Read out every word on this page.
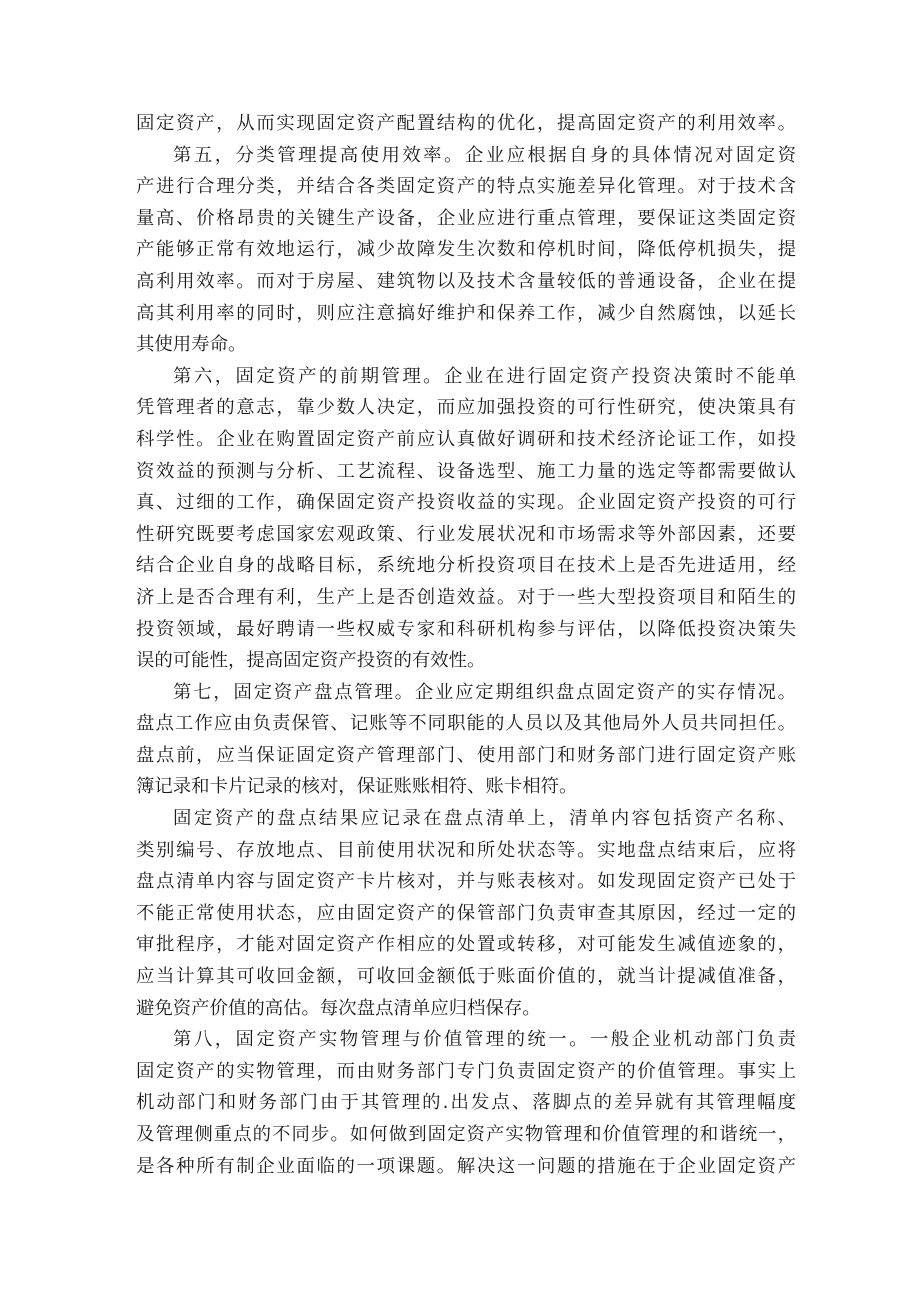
固定资产，从而实现固定资产配置结构的优化，提高固定资产的利用效率。
第五，分类管理提高使用效率。企业应根据自身的具体情况对固定资
产进行合理分类，并结合各类固定资产的特点实施差异化管理。对于技术含
量高、价格昂贵的关键生产设备，企业应进行重点管理，要保证这类固定资
产能够正常有效地运行，减少故障发生次数和停机时间，降低停机损失，提
高利用效率。而对于房屋、建筑物以及技术含量较低的普通设备，企业在提
高其利用率的同时，则应注意搞好维护和保养工作，减少自然腐蚀，以延长
其使用寿命。
第六，固定资产的前期管理。企业在进行固定资产投资决策时不能单
凭管理者的意志，靠少数人决定，而应加强投资的可行性研究，使决策具有
科学性。企业在购置固定资产前应认真做好调研和技术经济论证工作，如投
资效益的预测与分析、工艺流程、设备选型、施工力量的选定等都需要做认
真、过细的工作，确保固定资产投资收益的实现。企业固定资产投资的可行
性研究既要考虑国家宏观政策、行业发展状况和市场需求等外部因素，还要
结合企业自身的战略目标，系统地分析投资项目在技术上是否先进适用，经
济上是否合理有利，生产上是否创造效益。对于一些大型投资项目和陌生的
投资领域，最好聘请一些权威专家和科研机构参与评估，以降低投资决策失
误的可能性，提高固定资产投资的有效性。
第七，固定资产盘点管理。企业应定期组织盘点固定资产的实存情况。
盘点工作应由负责保管、记账等不同职能的人员以及其他局外人员共同担任。
盘点前，应当保证固定资产管理部门、使用部门和财务部门进行固定资产账
簿记录和卡片记录的核对，保证账账相符、账卡相符。
固定资产的盘点结果应记录在盘点清单上，清单内容包括资产名称、
类别编号、存放地点、目前使用状况和所处状态等。实地盘点结束后，应将
盘点清单内容与固定资产卡片核对，并与账表核对。如发现固定资产已处于
不能正常使用状态，应由固定资产的保管部门负责审查其原因，经过一定的
审批程序，才能对固定资产作相应的处置或转移，对可能发生减值迹象的，
应当计算其可收回金额，可收回金额低于账面价值的，就当计提减值准备，
避免资产价值的高估。每次盘点清单应归档保存。
第八，固定资产实物管理与价值管理的统一。一般企业机动部门负责
固定资产的实物管理，而由财务部门专门负责固定资产的价值管理。事实上
机动部门和财务部门由于其管理的.出发点、落脚点的差异就有其管理幅度
及管理侧重点的不同步。如何做到固定资产实物管理和价值管理的和谐统一，
是各种所有制企业面临的一项课题。解决这一问题的措施在于企业固定资产
